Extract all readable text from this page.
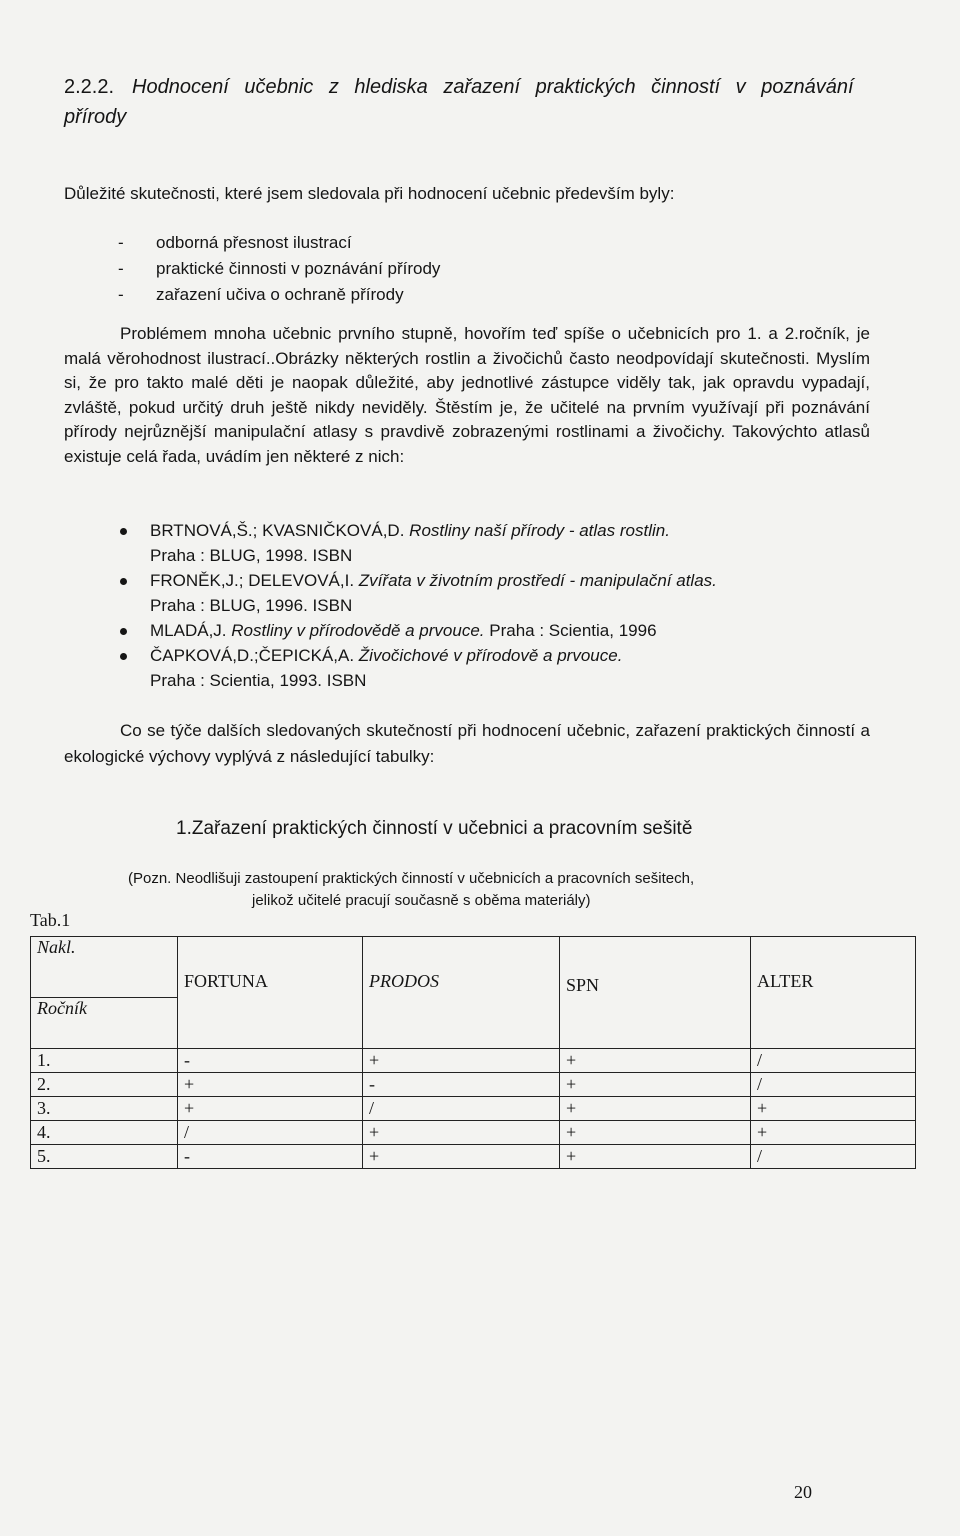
2.2.2. Hodnocení učebnic z hlediska zařazení praktických činností v poznávání přírody
Důležité skutečnosti, které jsem sledovala při hodnocení učebnic především byly:
- odborná přesnost ilustrací
- praktické činnosti v poznávání přírody
- zařazení učiva o ochraně přírody

Problémem mnoha učebnic prvního stupně, hovořím teď spíše o učebnicích pro 1. a 2.ročník, je malá věrohodnost ilustrací..Obrázky některých rostlin a živočichů často neodpovídají skutečnosti. Myslím si, že pro takto malé děti je naopak důležité, aby jednotlivé zástupce viděly tak, jak opravdu vypadají, zvláště, pokud určitý druh ještě nikdy neviděly. Štěstím je, že učitelé na prvním využívají při poznávání přírody nejrůznější manipulační atlasy s pravdivě zobrazenými rostlinami a živočichy. Takovýchto atlasů existuje celá řada, uvádím jen některé z nich:

BRTNOVÁ,Š.; KVASNIČKOVÁ,D. Rostliny naší přírody - atlas rostlin.
Praha : BLUG, 1998. ISBN
FRONĚK,J.; DELEVOVÁ,I. Zvířata v životním prostředí - manipulační atlas.
Praha : BLUG, 1996. ISBN
MLADÁ,J. Rostliny v přírodovědě a prvouce. Praha : Scientia, 1996
ČAPKOVÁ,D.;ČEPICKÁ,A. Živočichové v přírodově a prvouce.
Praha : Scientia, 1993. ISBN

Co se týče dalších sledovaných skutečností při hodnocení učebnic, zařazení praktických činností a ekologické výchovy vyplývá z následující tabulky:

1.Zařazení praktických činností v učebnici a pracovním sešitě
(Pozn. Neodlišuji zastoupení praktických činností v učebnicích a pracovních sešitech,
jelikož učitelé pracují současně s oběma materiály)
Tab.1
Nakl.	FORTUNA	PRODOS	SPN	ALTER
Ročník				
1.	-	+	+	/
2.	+	-	+	/
3.	+	/	+	+
4.	/	+	+	+
5.	-	+	+	/
20
